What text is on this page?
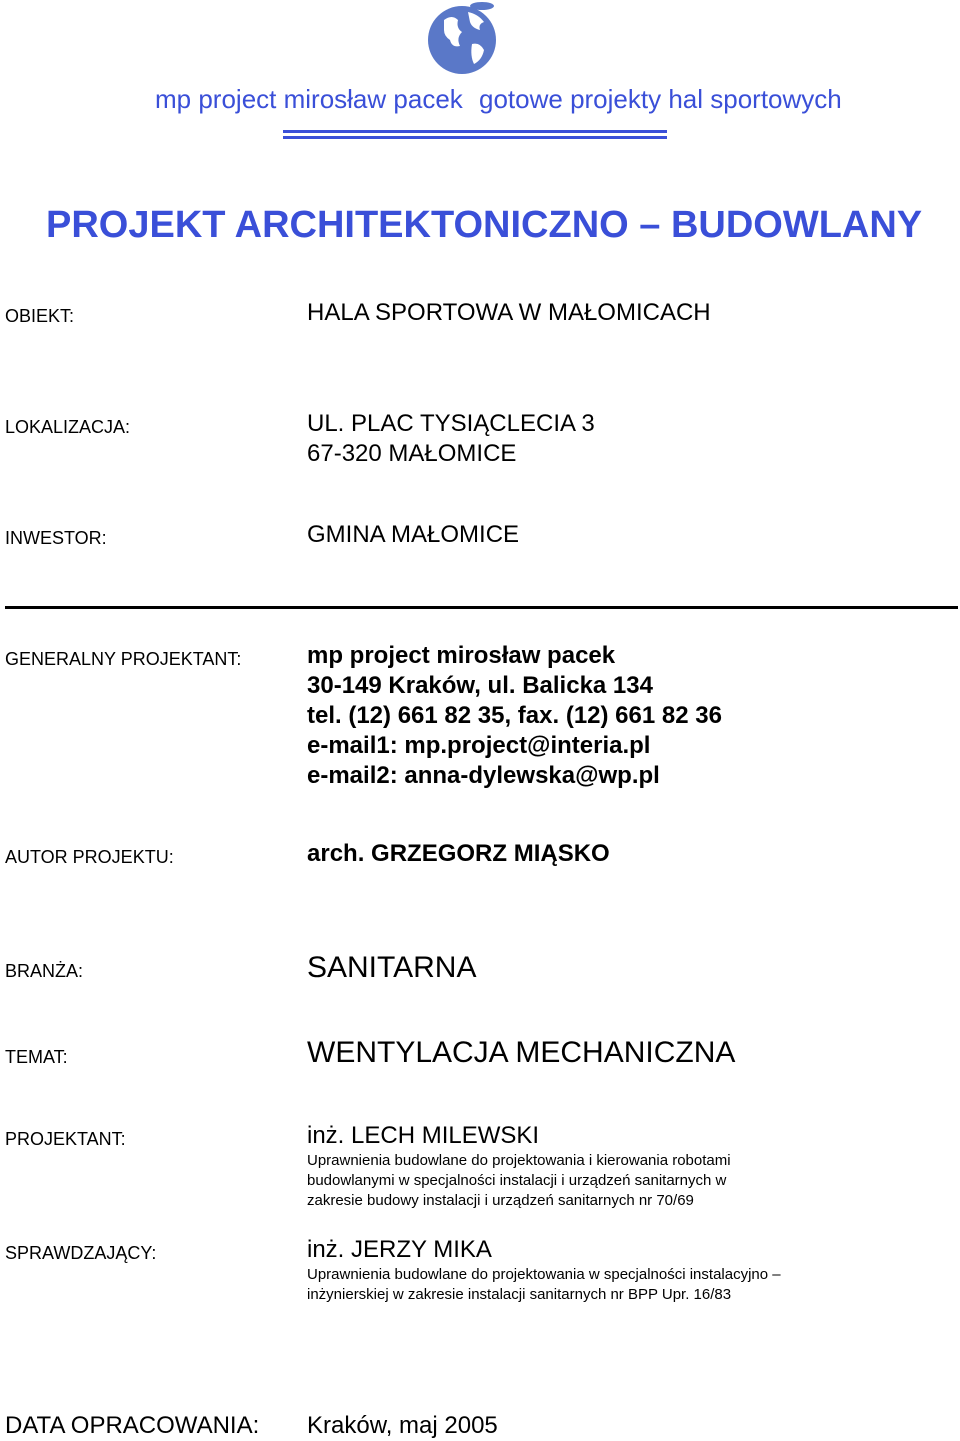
mp project mirosław pacek gotowe projekty hal sportowych
PROJEKT ARCHITEKTONICZNO – BUDOWLANY
OBIEKT:	HALA SPORTOWA W MAŁOMICACH
LOKALIZACJA:	UL. PLAC TYSIĄCLECIA 3
67-320 MAŁOMICE
INWESTOR:	GMINA MAŁOMICE
GENERALNY PROJEKTANT:	mp project mirosław pacek
30-149 Kraków, ul. Balicka 134
tel. (12) 661 82 35, fax. (12) 661 82 36
e-mail1: mp.project@interia.pl
e-mail2: anna-dylewska@wp.pl
AUTOR PROJEKTU:	arch. GRZEGORZ MIĄSKO
BRANŻA:	SANITARNA
TEMAT:	WENTYLACJA MECHANICZNA
PROJEKTANT:	inż. LECH MILEWSKI
Uprawnienia budowlane do projektowania i kierowania robotami
budowlanymi w specjalności instalacji i urządzeń sanitarnych w
zakresie budowy instalacji i urządzeń sanitarnych nr 70/69
SPRAWDZAJĄCY:	inż. JERZY MIKA
Uprawnienia budowlane do projektowania w specjalności instalacyjno –
inżynierskiej w zakresie instalacji sanitarnych nr BPP Upr. 16/83
DATA OPRACOWANIA: Kraków, maj 2005
